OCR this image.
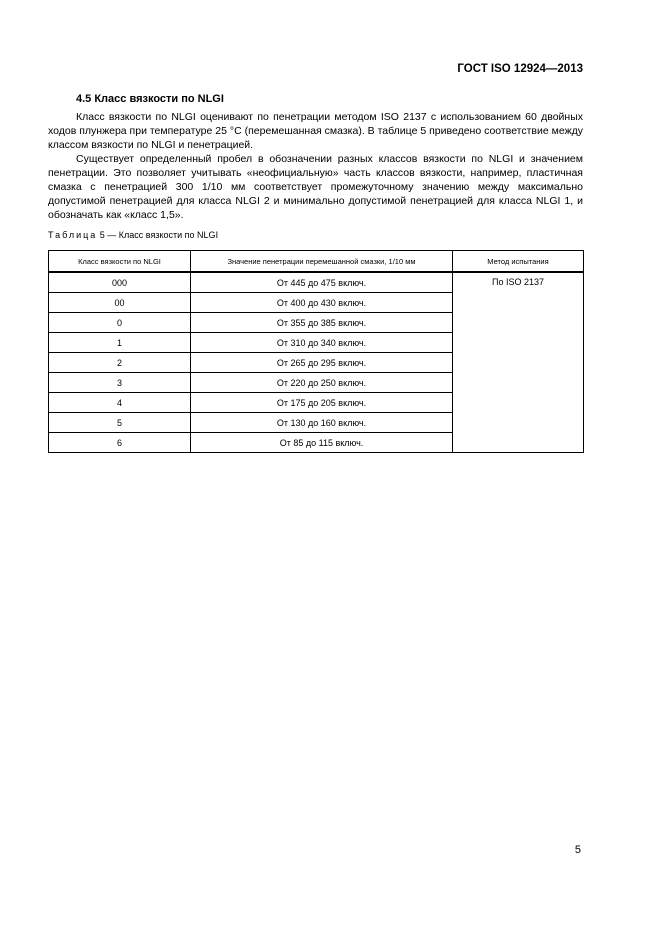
ГОСТ ISO 12924—2013
4.5 Класс вязкости по NLGI

Класс вязкости по NLGI оценивают по пенетрации методом ISO 2137 с использованием 60 двойных ходов плунжера при температуре 25 °С (перемешанная смазка). В таблице 5 приведено соответствие между классом вязкости по NLGI и пенетрацией.

Существует определенный пробел в обозначении разных классов вязкости по NLGI и значением пенетрации. Это позволяет учитывать «неофициальную» часть классов вязкости, например, пластичная смазка с пенетрацией 300 1/10 мм соответствует промежуточному значению между максимально допустимой пенетрацией для класса NLGI 2 и минимально допустимой пенетрацией для класса NLGI 1, и обозначать как «класс 1,5».

Таблица 5 — Класс вязкости по NLGI
Класс вязкости по NLGI	Значение пенетрации перемешанной смазки, 1/10 мм	Метод испытания
000	От 445 до 475 включ.	По ISO 2137
00	От 400 до 430 включ.	
0	От 355 до 385 включ.	
1	От 310 до 340 включ.	
2	От 265 до 295 включ.	
3	От 220 до 250 включ.	
4	От 175 до 205 включ.	
5	От 130 до 160 включ.	
6	От 85 до 115 включ.	
5
